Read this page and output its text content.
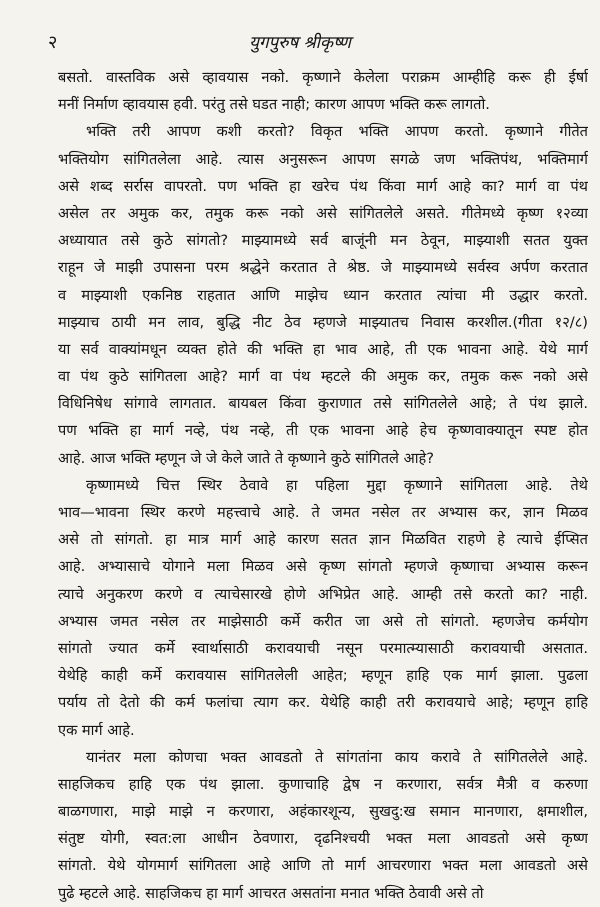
२	युगपुरुष श्रीकृष्ण
बसतो. वास्तविक असे व्हावयास नको. कृष्णाने केलेला पराक्रम आम्हीहि करू ही ईर्षा
मनीं निर्माण व्हावयास हवी. परंतु तसे घडत नाही; कारण आपण भक्ति करू लागतो.
भक्ति तरी आपण कशी करतो? विकृत भक्ति आपण करतो. कृष्णाने गीतेत
भक्तियोग सांगितलेला आहे. त्यास अनुसरून आपण सगळे जण भक्तिपंथ, भक्तिमार्ग
असे शब्द सर्रास वापरतो. पण भक्ति हा खरेच पंथ किंवा मार्ग आहे का? मार्ग वा पंथ
असेल तर अमुक कर, तमुक करू नको असे सांगितलेले असते. गीतेमध्ये कृष्ण १२व्या
अध्यायात तसे कुठे सांगतो? माझ्यामध्ये सर्व बाजूंनी मन ठेवून, माझ्याशी सतत युक्त
राहून जे माझी उपासना परम श्रद्धेने करतात ते श्रेष्ठ. जे माझ्यामध्ये सर्वस्व अर्पण करतात
व माझ्याशी एकनिष्ठ राहतात आणि माझेच ध्यान करतात त्यांचा मी उद्धार करतो.
माझ्याच ठायी मन लाव, बुद्धि नीट ठेव म्हणजे माझ्यातच निवास करशील.(गीता १२/८)
या सर्व वाक्यांमधून व्यक्त होते की भक्ति हा भाव आहे, ती एक भावना आहे. येथे मार्ग
वा पंथ कुठे सांगितला आहे? मार्ग वा पंथ म्हटले की अमुक कर, तमुक करू नको असे
विधिनिषेध सांगावे लागतात. बायबल किंवा कुराणात तसे सांगितलेले आहे; ते पंथ झाले.
पण भक्ति हा मार्ग नव्हे, पंथ नव्हे, ती एक भावना आहे हेच कृष्णवाक्यातून स्पष्ट होत
आहे. आज भक्ति म्हणून जे जे केले जाते ते कृष्णाने कुठे सांगितले आहे?
कृष्णामध्ये चित्त स्थिर ठेवावे हा पहिला मुद्दा कृष्णाने सांगितला आहे. तेथे
भाव—भावना स्थिर करणे महत्त्वाचे आहे. ते जमत नसेल तर अभ्यास कर, ज्ञान मिळव
असे तो सांगतो. हा मात्र मार्ग आहे कारण सतत ज्ञान मिळवित राहणे हे त्याचे ईप्सित
आहे. अभ्यासाचे योगाने मला मिळव असे कृष्ण सांगतो म्हणजे कृष्णाचा अभ्यास करून
त्याचे अनुकरण करणे व त्याचेसारखे होणे अभिप्रेत आहे. आम्ही तसे करतो का? नाही.
अभ्यास जमत नसेल तर माझेसाठी कर्मे करीत जा असे तो सांगतो. म्हणजेच कर्मयोग
सांगतो ज्यात कर्मे स्वार्थासाठी करावयाची नसून परमात्म्यासाठी करावयाची असतात.
येथेहि काही कर्मे करावयास सांगितलेली आहेत; म्हणून हाहि एक मार्ग झाला. पुढला
पर्याय तो देतो की कर्म फलांचा त्याग कर. येथेहि काही तरी करावयाचे आहे; म्हणून हाहि
एक मार्ग आहे.
यानंतर मला कोणचा भक्त आवडतो ते सांगतांना काय करावे ते सांगितलेले आहे.
साहजिकच हाहि एक पंथ झाला. कुणाचाहि द्वेष न करणारा, सर्वत्र मैत्री व करुणा
बाळगणारा, माझे माझे न करणारा, अहंकारशून्य, सुखदु:ख समान मानणारा, क्षमाशील,
संतुष्ट योगी, स्वत:ला आधीन ठेवणारा, दृढनिश्चयी भक्त मला आवडतो असे कृष्ण
सांगतो. येथे योगमार्ग सांगितला आहे आणि तो मार्ग आचरणारा भक्त मला आवडतो असे
पुढे म्हटले आहे. साहजिकच हा मार्ग आचरत असतांना मनात भक्ति ठेवावी असे तो
